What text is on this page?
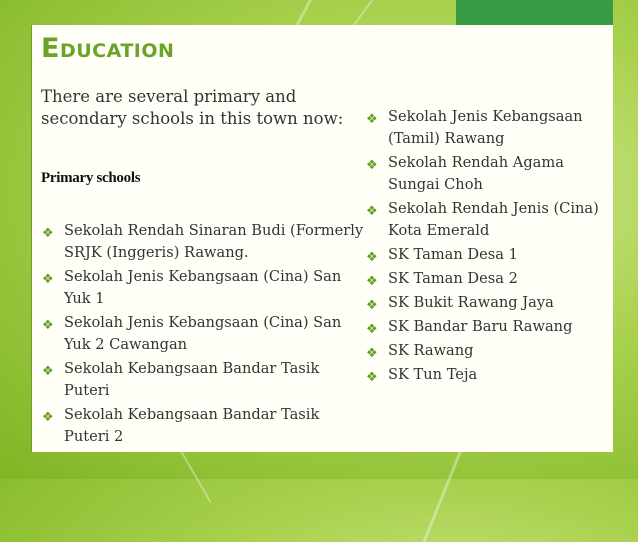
Education
There are several primary and secondary schools in this town now:
Primary schools
❖ Sekolah Rendah Sinaran Budi (Formerly SRJK (Inggeris) Rawang.
❖ Sekolah Jenis Kebangsaan (Cina) San Yuk 1
❖ Sekolah Jenis Kebangsaan (Cina) San Yuk 2 Cawangan
❖ Sekolah Kebangsaan Bandar Tasik Puteri
❖ Sekolah Kebangsaan Bandar Tasik Puteri 2
❖ Sekolah Jenis Kebangsaan (Tamil) Rawang
❖ Sekolah Rendah Agama Sungai Choh
❖ Sekolah Rendah Jenis (Cina) Kota Emerald
❖ SK Taman Desa 1
❖ SK Taman Desa 2
❖ SK Bukit Rawang Jaya
❖ SK Bandar Baru Rawang
❖ SK Rawang
❖ SK Tun Teja
